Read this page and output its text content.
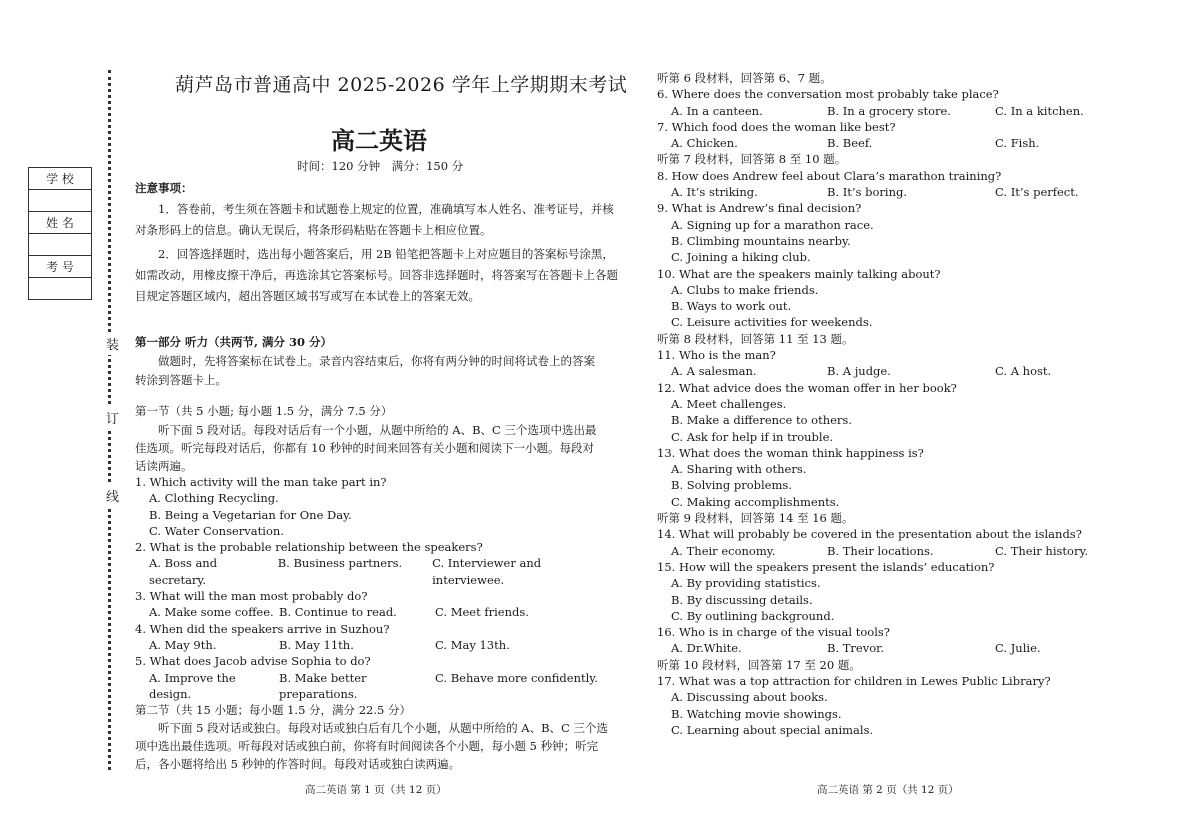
装
订
线
学 校

姓 名

考 号

葫芦岛市普通高中 2025-2026 学年上学期期末考试
高二英语
时间：120 分钟　满分：150 分

注意事项：

1．答卷前，考生须在答题卡和试题卷上规定的位置，准确填写本人姓名、准考证号，并核对条形码上的信息。确认无误后，将条形码粘贴在答题卡上相应位置。

2．回答选择题时，选出每小题答案后，用 2B 铅笔把答题卡上对应题目的答案标号涂黑，如需改动，用橡皮擦干净后，再选涂其它答案标号。回答非选择题时，将答案写在答题卡上各题目规定答题区域内，超出答题区域书写或写在本试卷上的答案无效。

第一部分 听力（共两节, 满分 30 分）

做题时，先将答案标在试卷上。录音内容结束后，你将有两分钟的时间将试卷上的答案转涂到答题卡上。

第一节（共 5 小题; 每小题 1.5 分，满分 7.5 分）

听下面 5 段对话。每段对话后有一个小题，从题中所给的 A、B、C 三个选项中选出最佳选项。听完每段对话后，你都有 10 秒钟的时间来回答有关小题和阅读下一小题。每段对话读两遍。

1. Which activity will the man take part in?

A. Clothing Recycling.

B. Being a Vegetarian for One Day.

C. Water Conservation.

2. What is the probable relationship between the speakers?

A. Boss and secretary.
B. Business partners.	C. Interviewer and interviewee.

3. What will the man most probably do?

A. Make some coffee. B. Continue to read.	C. Meet friends.

4. When did the speakers arrive in Suzhou?

A. May 9th.	B. May 11th.	C. May 13th.

5. What does Jacob advise Sophia to do?

A. Improve the design.
B. Make better preparations.
C. Behave more confidently.

第二节（共 15 小题；每小题 1.5 分，满分 22.5 分）

听下面 5 段对话或独白。每段对话或独白后有几个小题，从题中所给的 A、B、C 三个选项中选出最佳选项。听每段对话或独白前，你将有时间阅读各个小题，每小题 5 秒钟；听完后，各小题将给出 5 秒钟的作答时间。每段对话或独白读两遍。

高二英语 第 1 页（共 12 页）

听第 6 段材料，回答第 6、7 题。

6. Where does the conversation most probably take place?

A. In a canteen.	B. In a grocery store.	C. In a kitchen.

7. Which food does the woman like best?

A. Chicken.	B. Beef.	C. Fish.

听第 7 段材料，回答第 8 至 10 题。

8. How does Andrew feel about Clara’s marathon training?

A. It’s striking.	B. It’s boring.	C. It’s perfect.

9. What is Andrew’s final decision?

A. Signing up for a marathon race.

B. Climbing mountains nearby.

C. Joining a hiking club.

10. What are the speakers mainly talking about?

A. Clubs to make friends.

B. Ways to work out.

C. Leisure activities for weekends.

听第 8 段材料，回答第 11 至 13 题。

11. Who is the man?

A. A salesman.	B. A judge.	C. A host.

12. What advice does the woman offer in her book?

A. Meet challenges.

B. Make a difference to others.

C. Ask for help if in trouble.

13. What does the woman think happiness is?

A. Sharing with others.

B. Solving problems.

C. Making accomplishments.

听第 9 段材料，回答第 14 至 16 题。

14. What will probably be covered in the presentation about the islands?

A. Their economy.	B. Their locations.	C. Their history.

15. How will the speakers present the islands’ education?

A. By providing statistics.

B. By discussing details.

C. By outlining background.

16. Who is in charge of the visual tools?

A. Dr.White.	B. Trevor.	C. Julie.

听第 10 段材料，回答第 17 至 20 题。

17. What was a top attraction for children in Lewes Public Library?

A. Discussing about books.

B. Watching movie showings.

C. Learning about special animals.

高二英语 第 2 页（共 12 页）
